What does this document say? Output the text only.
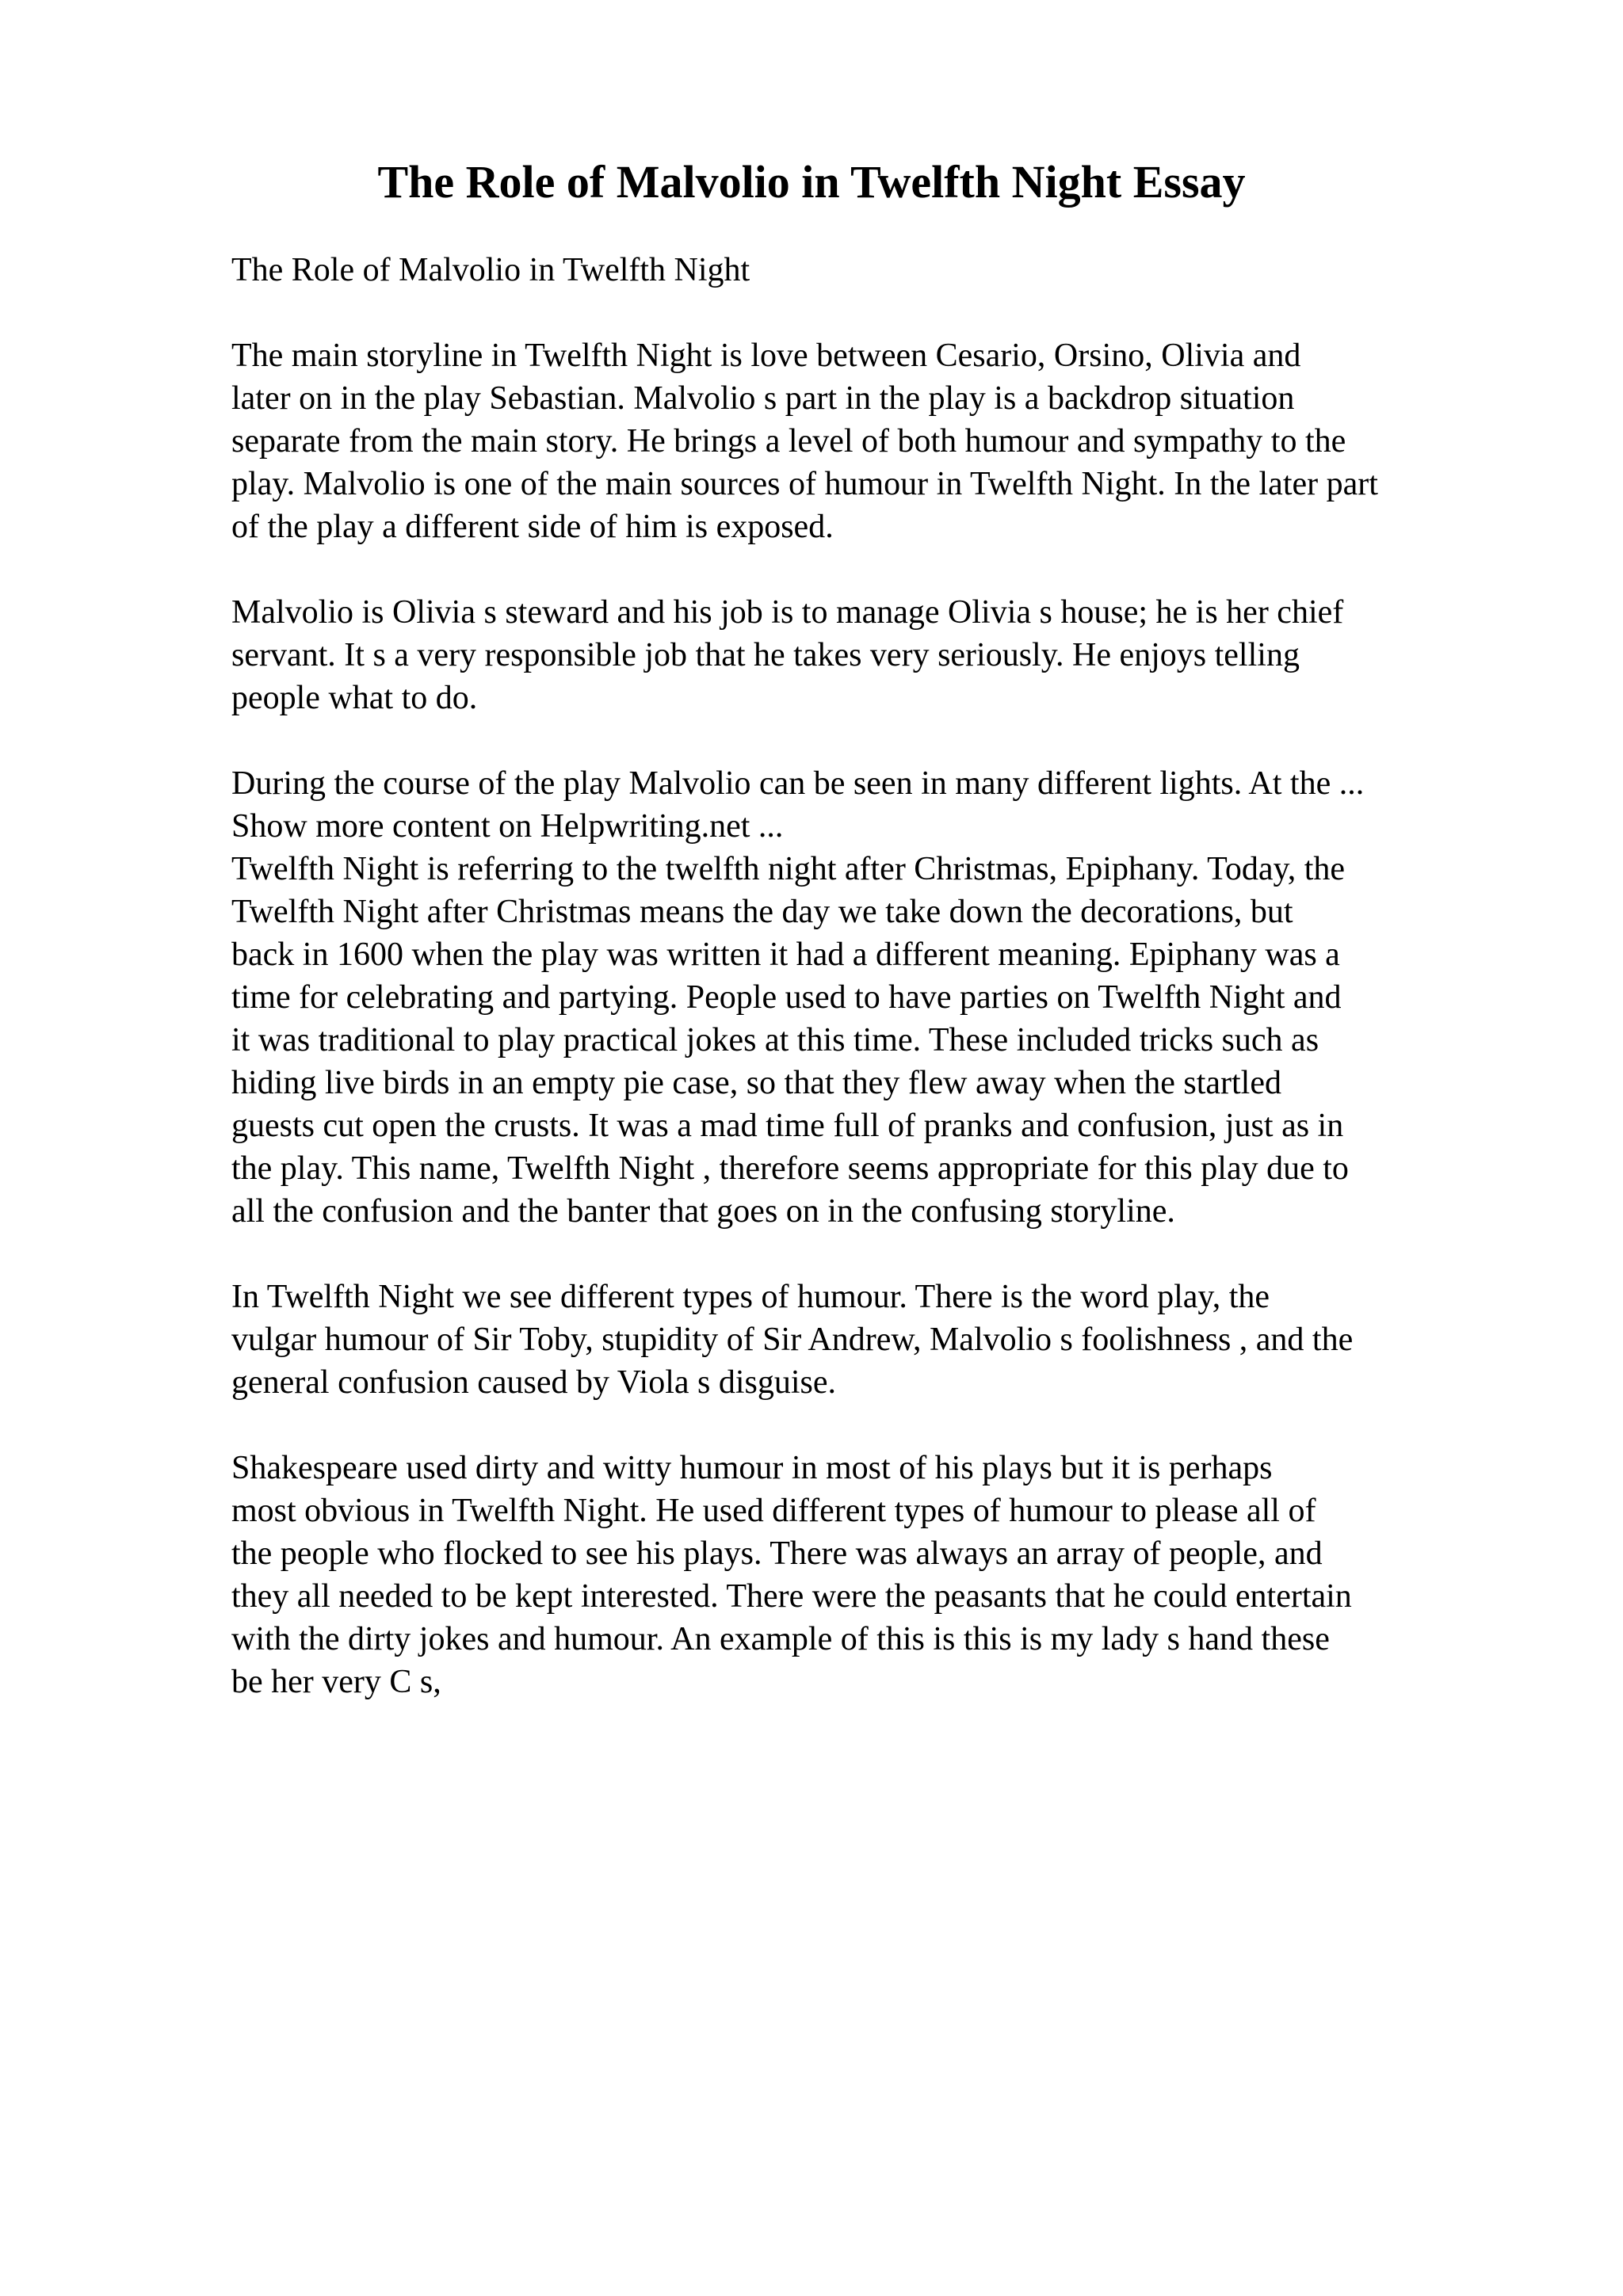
The Role of Malvolio in Twelfth Night Essay
The Role of Malvolio in Twelfth Night
The main storyline in Twelfth Night is love between Cesario, Orsino, Olivia and
later on in the play Sebastian. Malvolio s part in the play is a backdrop situation
separate from the main story. He brings a level of both humour and sympathy to the
play. Malvolio is one of the main sources of humour in Twelfth Night. In the later part
of the play a different side of him is exposed.
Malvolio is Olivia s steward and his job is to manage Olivia s house; he is her chief
servant. It s a very responsible job that he takes very seriously. He enjoys telling
people what to do.
During the course of the play Malvolio can be seen in many different lights. At the ...
Show more content on Helpwriting.net ...
Twelfth Night is referring to the twelfth night after Christmas, Epiphany. Today, the
Twelfth Night after Christmas means the day we take down the decorations, but
back in 1600 when the play was written it had a different meaning. Epiphany was a
time for celebrating and partying. People used to have parties on Twelfth Night and
it was traditional to play practical jokes at this time. These included tricks such as
hiding live birds in an empty pie case, so that they flew away when the startled
guests cut open the crusts. It was a mad time full of pranks and confusion, just as in
the play. This name, Twelfth Night , therefore seems appropriate for this play due to
all the confusion and the banter that goes on in the confusing storyline.
In Twelfth Night we see different types of humour. There is the word play, the
vulgar humour of Sir Toby, stupidity of Sir Andrew, Malvolio s foolishness , and the
general confusion caused by Viola s disguise.
Shakespeare used dirty and witty humour in most of his plays but it is perhaps
most obvious in Twelfth Night. He used different types of humour to please all of
the people who flocked to see his plays. There was always an array of people, and
they all needed to be kept interested. There were the peasants that he could entertain
with the dirty jokes and humour. An example of this is this is my lady s hand these
be her very C s,
